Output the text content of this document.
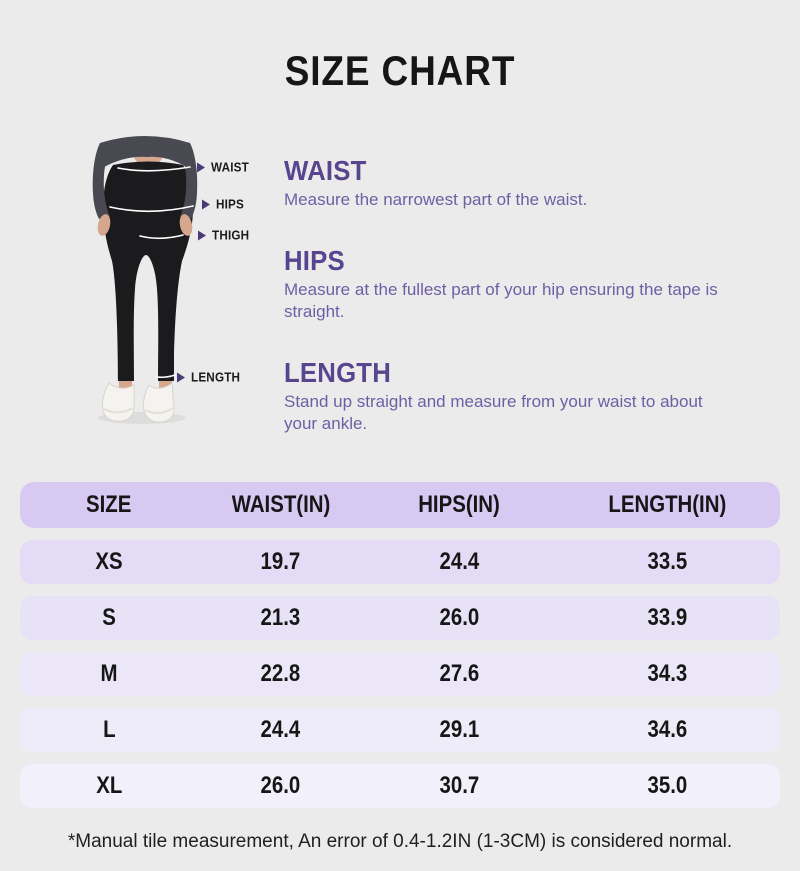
SIZE CHART
WAIST
HIPS
THIGH
LENGTH
WAIST

Measure the narrowest part of the waist.

HIPS

Measure at the fullest part of your hip ensuring the tape is straight.

LENGTH

Stand up straight and measure from your waist to about your ankle.

SIZE	WAIST(IN)	HIPS(IN)	LENGTH(IN)
XS	19.7	24.4	33.5
S	21.3	26.0	33.9
M	22.8	27.6	34.3
L	24.4	29.1	34.6
XL	26.0	30.7	35.0
*Manual tile measurement, An error of 0.4-1.2IN (1-3CM) is considered normal.
